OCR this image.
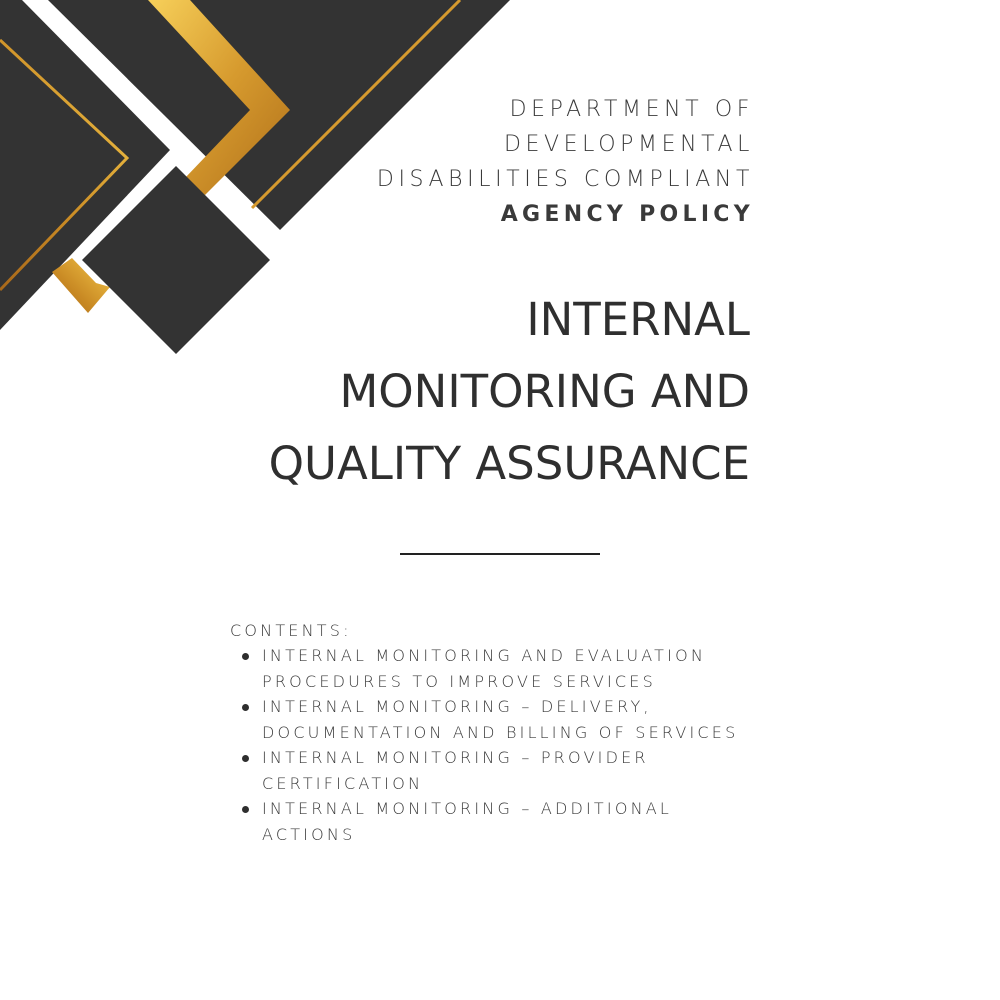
DEPARTMENT OF
DEVELOPMENTAL
DISABILITIES COMPLIANT
AGENCY POLICY
INTERNAL
MONITORING AND
QUALITY ASSURANCE
CONTENTS:
INTERNAL MONITORING AND EVALUATION
PROCEDURES TO IMPROVE SERVICES
INTERNAL MONITORING – DELIVERY,
DOCUMENTATION AND BILLING OF SERVICES
INTERNAL MONITORING – PROVIDER
CERTIFICATION
INTERNAL MONITORING – ADDITIONAL
ACTIONS
